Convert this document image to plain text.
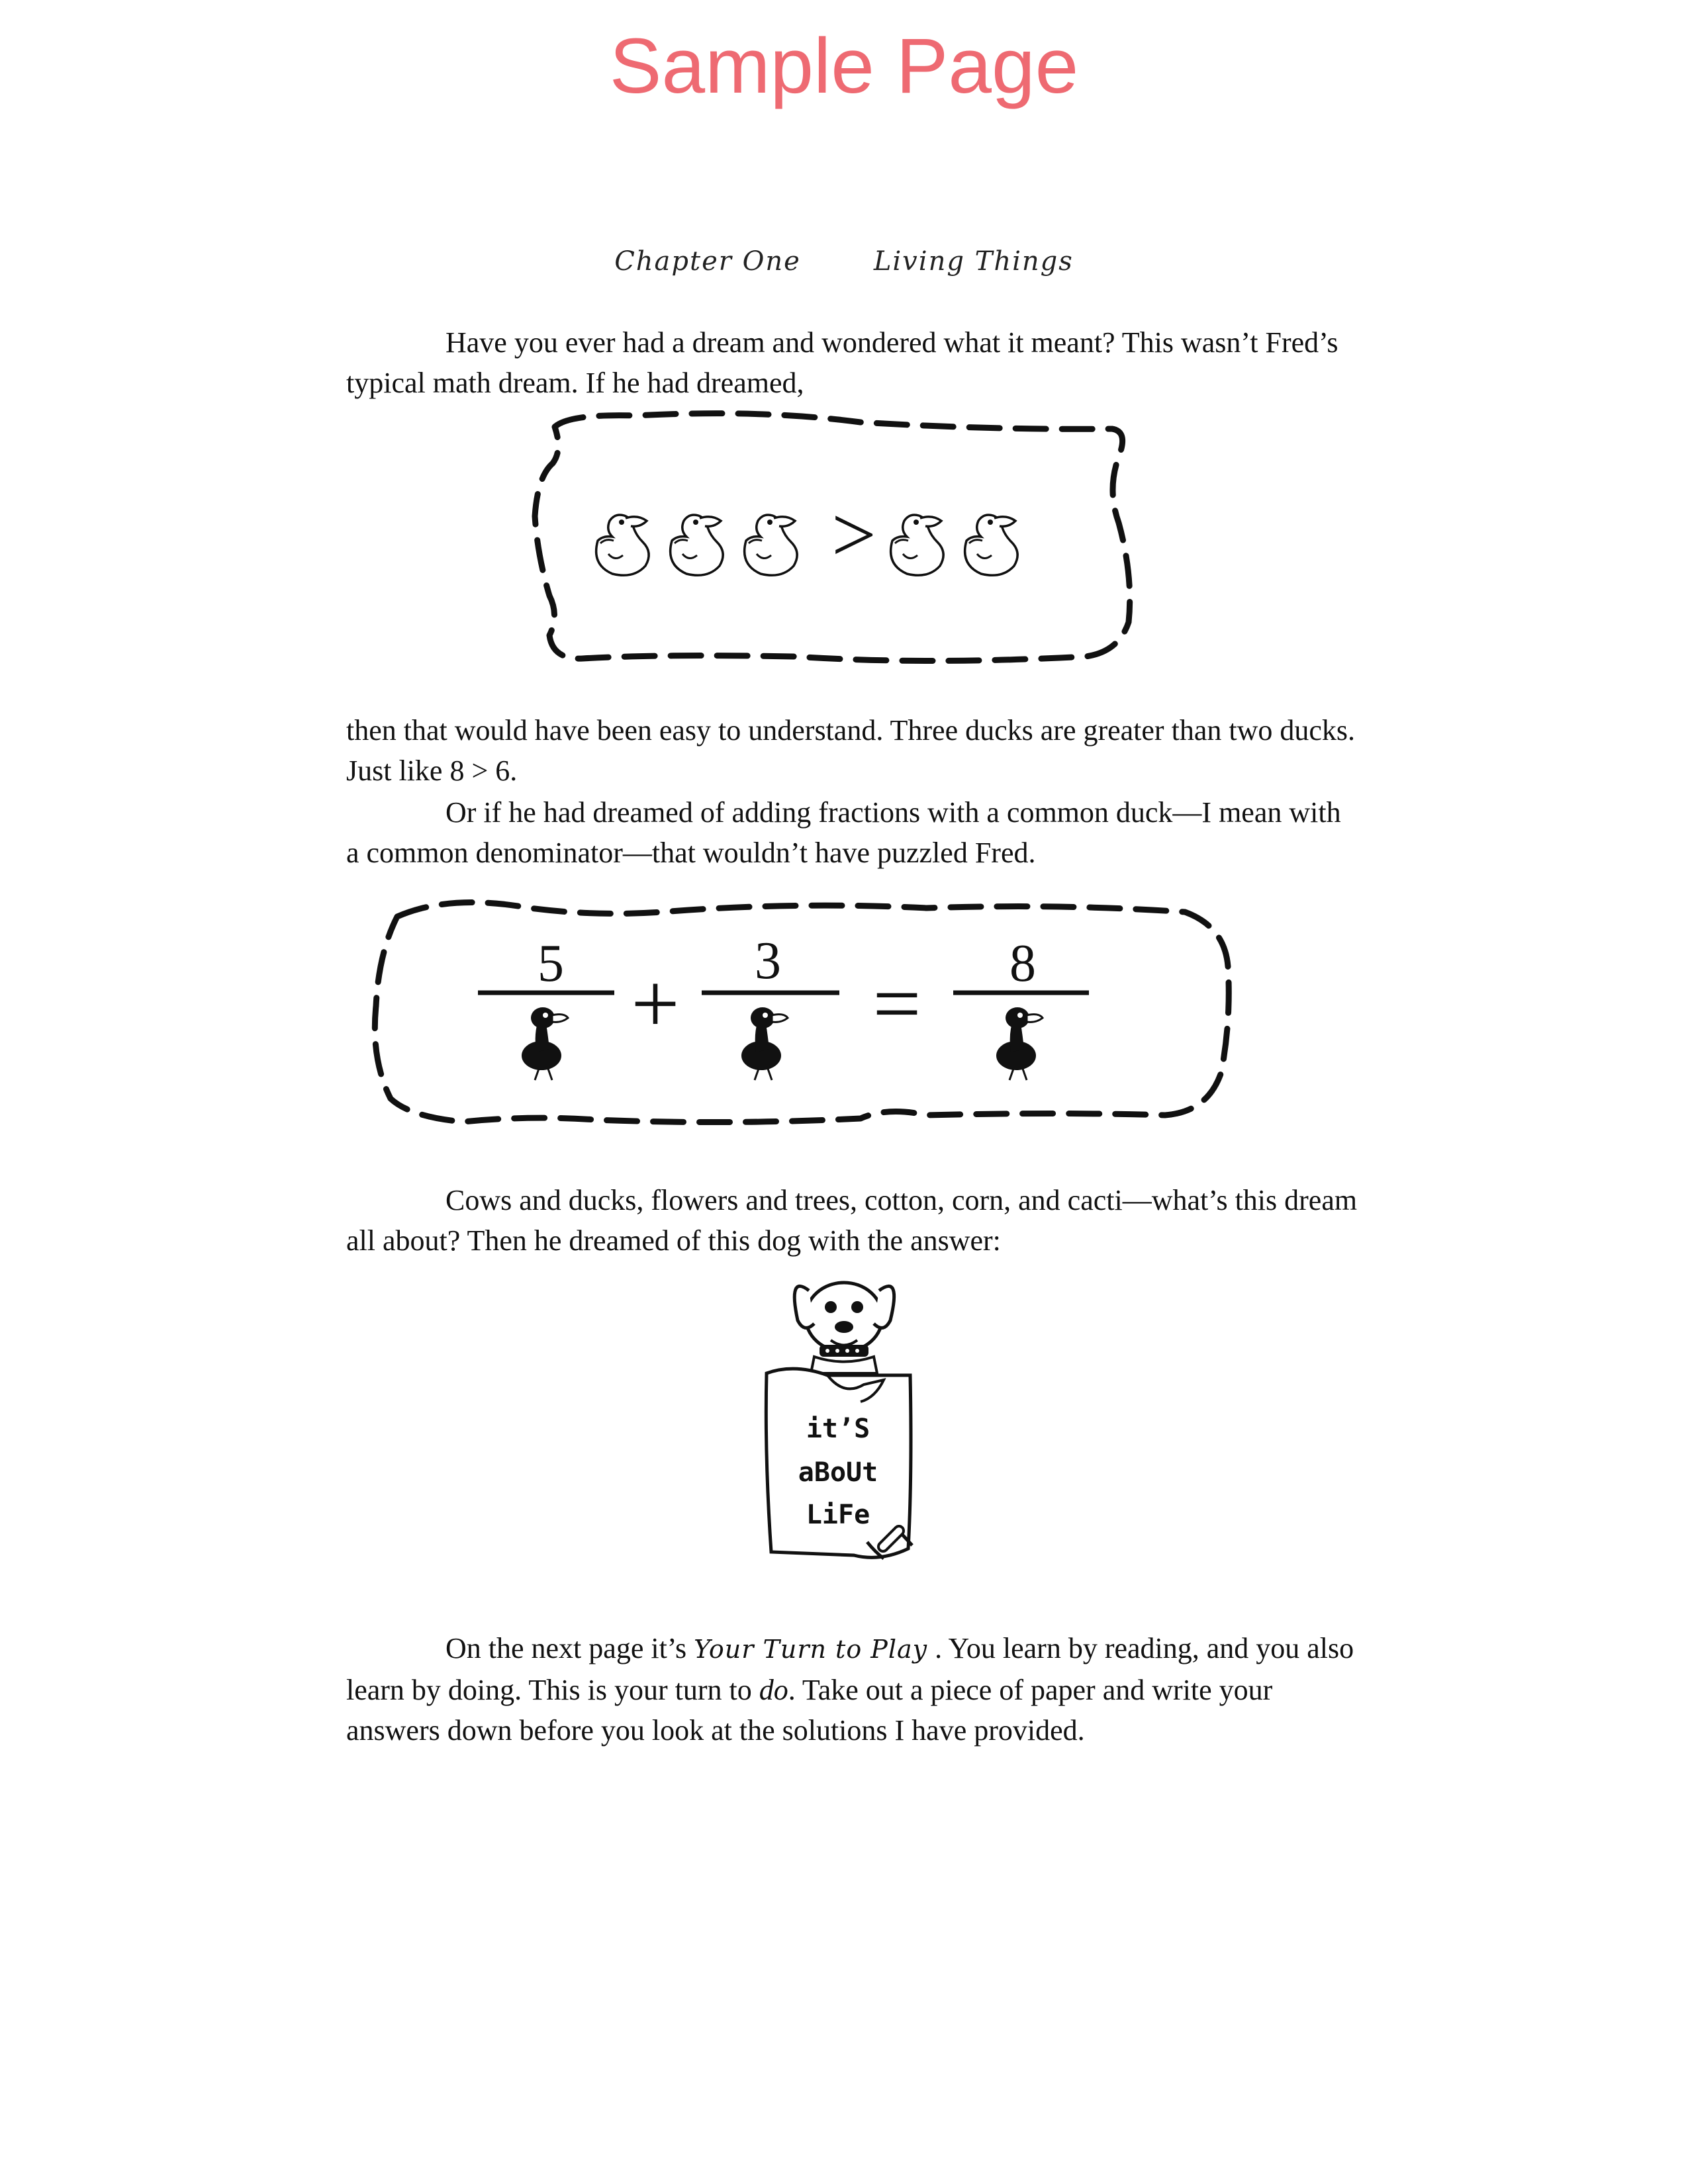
Sample Page
Chapter One	Living Things

Have you ever had a dream and wondered what it meant? This wasn’t Fred’s typical math dream. If he had dreamed,

>

then that would have been easy to understand. Three ducks are greater than two ducks. Just like 8 > 6.

Or if he had dreamed of adding fractions with a common duck—I mean with a common denominator—that wouldn’t have puzzled Fred.

5 + 3 = 8

Cows and ducks, flowers and trees, cotton, corn, and cacti—what’s this dream all about? Then he dreamed of this dog with the answer:

it’S
aBoUt
LiFe

On the next page it’s Your Turn to Play . You learn by reading, and you also learn by doing. This is your turn to do. Take out a piece of paper and write your answers down before you look at the solutions I have provided.
